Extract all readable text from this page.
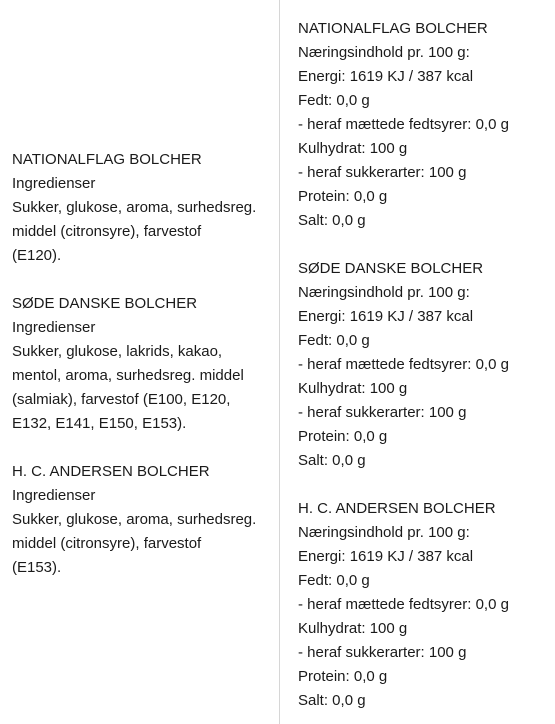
NATIONALFLAG BOLCHER
Ingredienser
Sukker, glukose, aroma, surhedsreg.
middel (citronsyre), farvestof
(E120).
SØDE DANSKE BOLCHER
Ingredienser
Sukker, glukose, lakrids, kakao,
mentol, aroma, surhedsreg. middel
(salmiak), farvestof (E100, E120,
E132, E141, E150, E153).
H. C. ANDERSEN BOLCHER
Ingredienser
Sukker, glukose, aroma, surhedsreg.
middel (citronsyre), farvestof
(E153).
NATIONALFLAG BOLCHER
Næringsindhold pr. 100 g:
Energi: 1619 KJ / 387 kcal
Fedt: 0,0 g
- heraf mættede fedtsyrer: 0,0 g
Kulhydrat: 100 g
- heraf sukkerarter: 100 g
Protein: 0,0 g
Salt: 0,0 g
SØDE DANSKE BOLCHER
Næringsindhold pr. 100 g:
Energi: 1619 KJ / 387 kcal
Fedt: 0,0 g
- heraf mættede fedtsyrer: 0,0 g
Kulhydrat: 100 g
- heraf sukkerarter: 100 g
Protein: 0,0 g
Salt: 0,0 g
H. C. ANDERSEN BOLCHER
Næringsindhold pr. 100 g:
Energi: 1619 KJ / 387 kcal
Fedt: 0,0 g
- heraf mættede fedtsyrer: 0,0 g
Kulhydrat: 100 g
- heraf sukkerarter: 100 g
Protein: 0,0 g
Salt: 0,0 g
